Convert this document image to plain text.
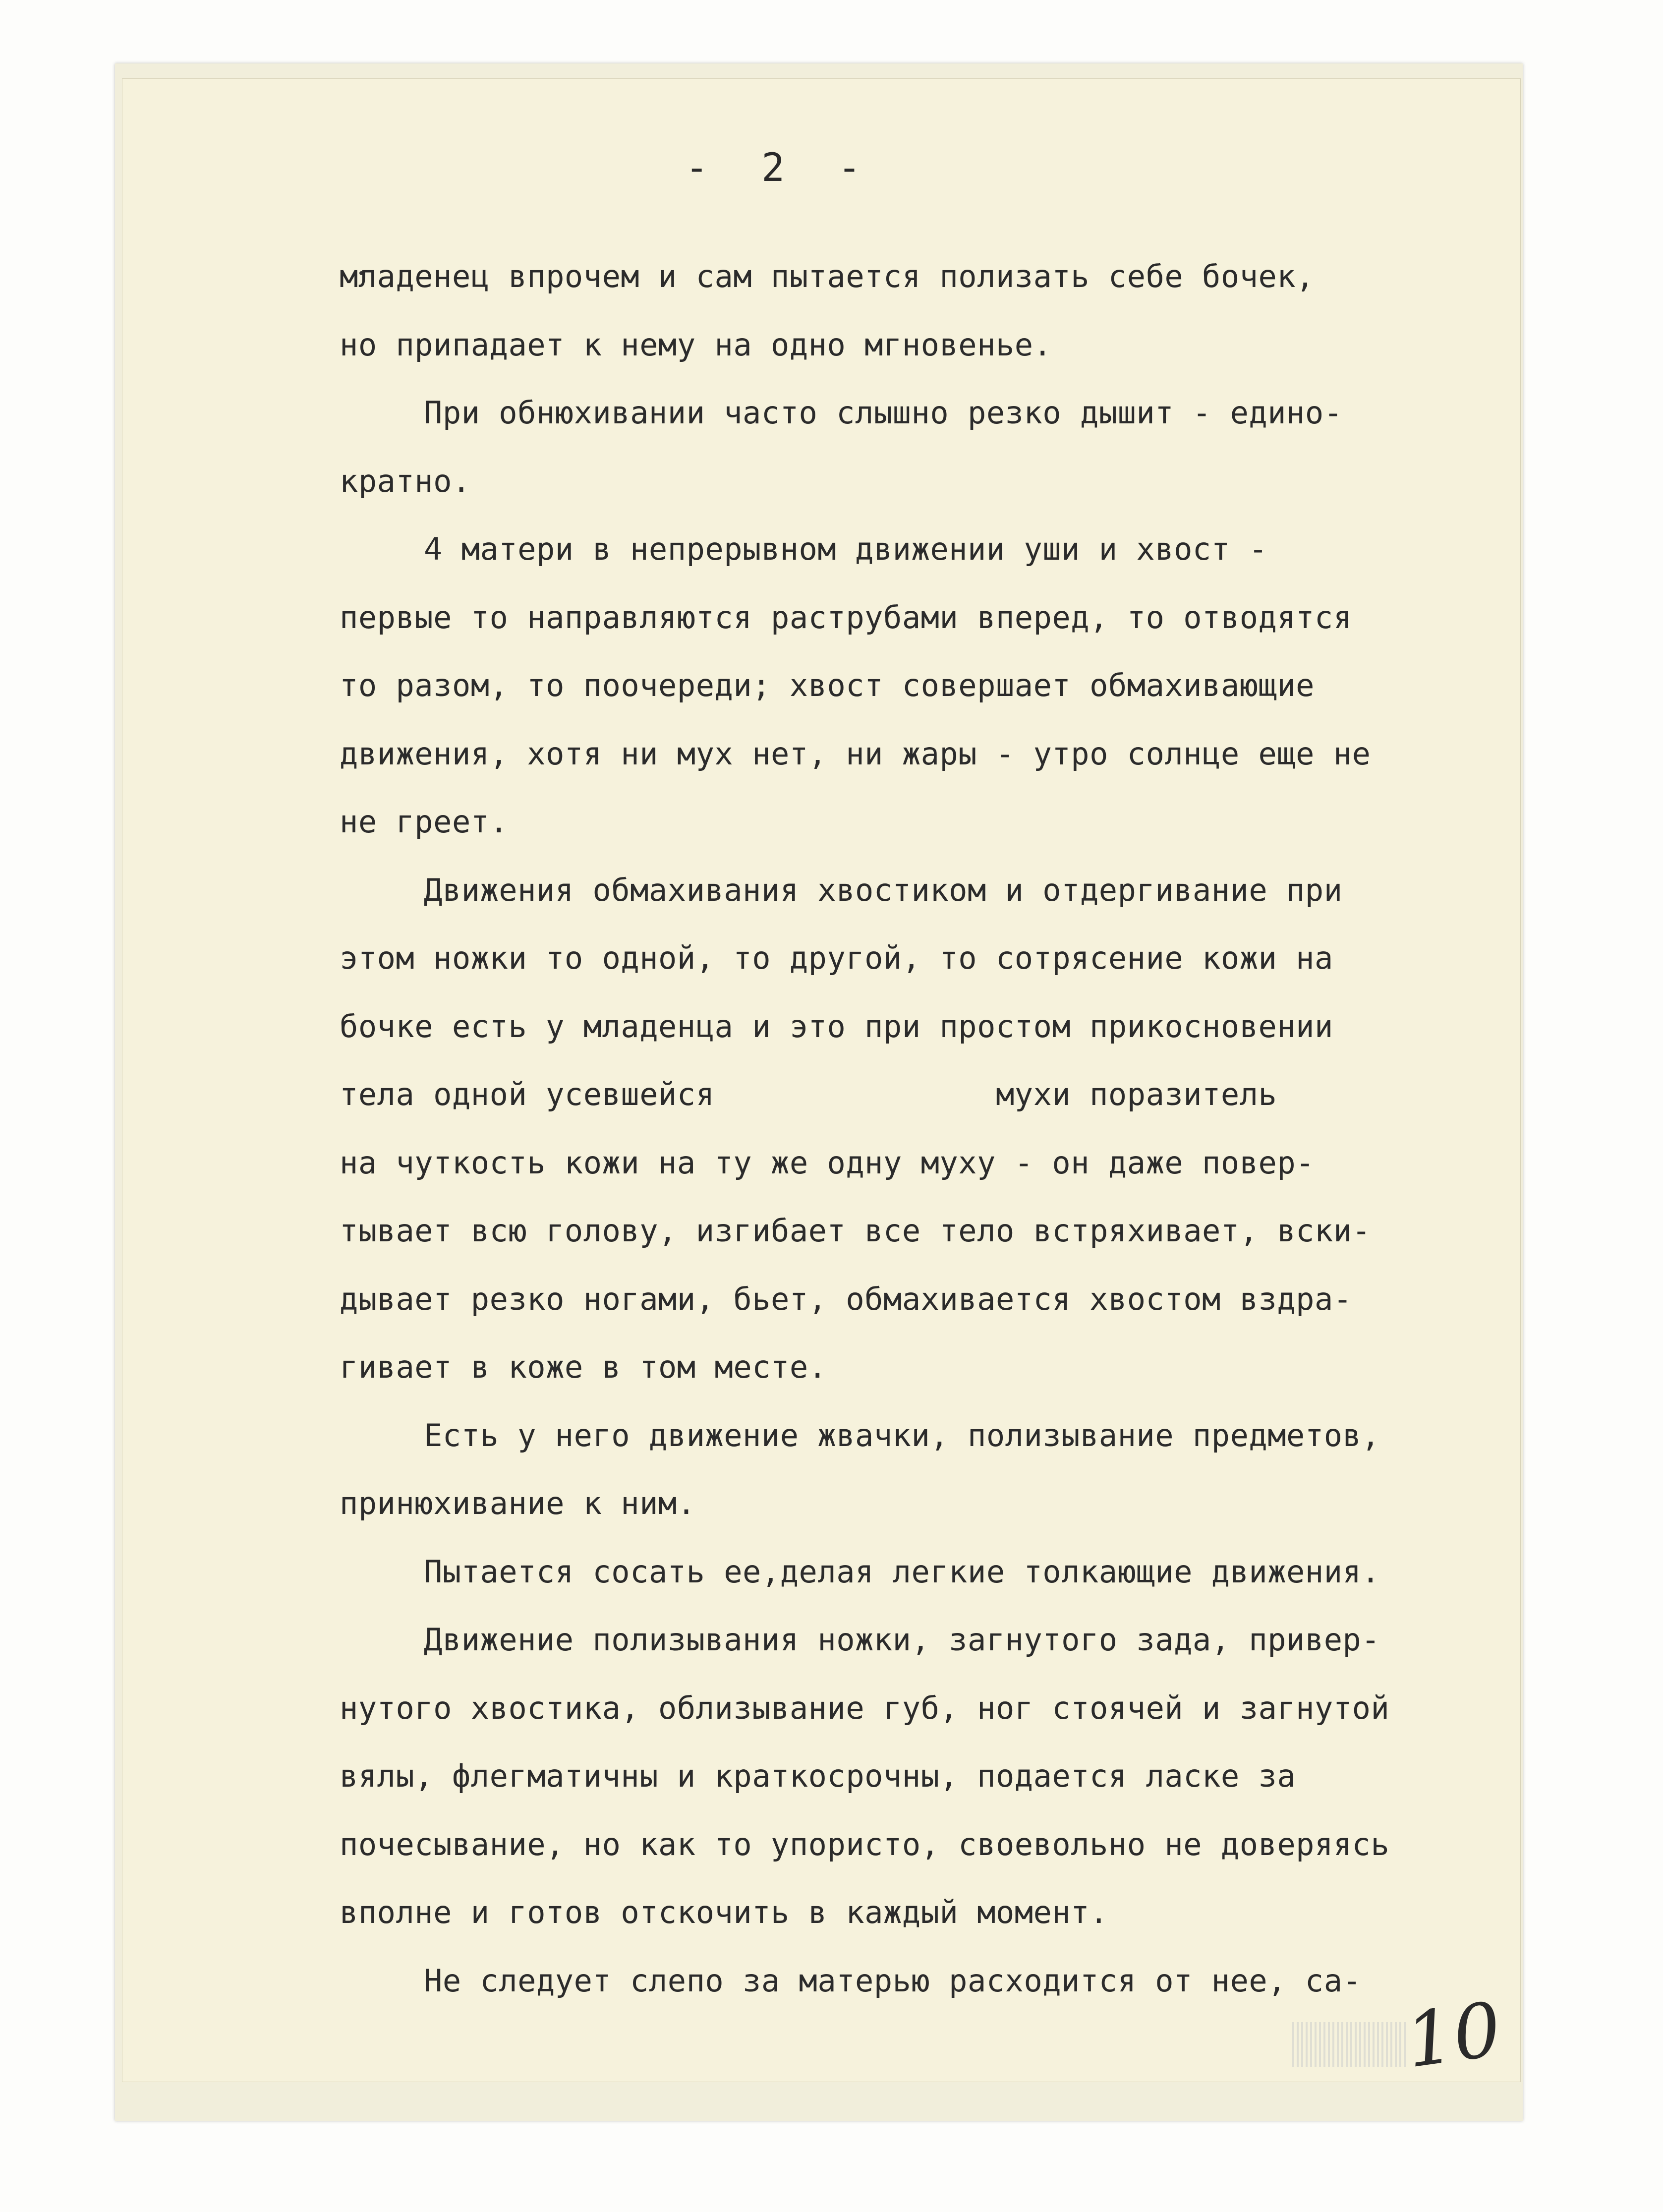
- 2 -
младенец впрочем и сам пытается полизать себе бочек,
но припадает к нему на одно мгновенье.
При обнюхивании часто слышно резко дышит - едино-
кратно.
4 матери в непрерывном движении уши и хвост -
первые то направляются раструбами вперед, то отводятся
то разом, то поочереди; хвост совершает обмахивающие
движения, хотя ни мух нет, ни жары - утро солнце еще не
не греет.
Движения обмахивания хвостиком и отдергивание при
этом ножки то одной, то другой, то сотрясение кожи на
бочке есть у младенца и это при простом прикосновении
тела одной усевшейся               мухи поразитель
на чуткость кожи на ту же одну муху - он даже повер-
тывает всю голову, изгибает все тело встряхивает, вски-
дывает резко ногами, бьет, обмахивается хвостом вздра-
гивает в коже в том месте.
Есть у него движение жвачки, полизывание предметов,
принюхивание к ним.
Пытается сосать ее,делая легкие толкающие движения.
Движение полизывания ножки, загнутого зада, привер-
нутого хвостика, облизывание губ, ног стоячей и загнутой
вялы, флегматичны и краткосрочны, подается ласке за
почесывание, но как то упористо, своевольно не доверяясь
вполне и готов отскочить в каждый момент.
Не следует слепо за матерью расходится от нее, са-
10
